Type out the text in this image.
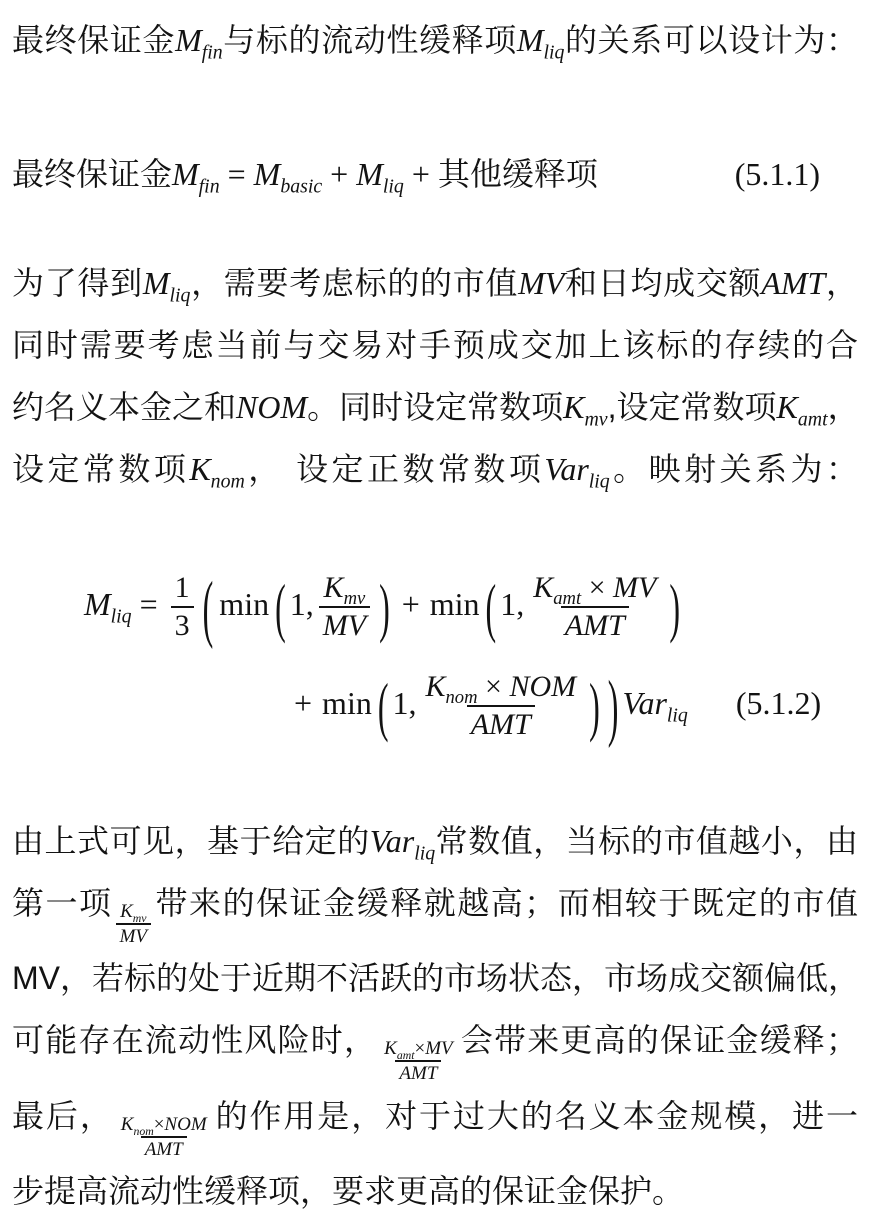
最终保证金$M_{fin}$与标的流动性缓释项$M_{liq}$的关系可以设计为：
最终保证金$M_{fin} = M_{basic} + M_{liq}$ + 其他缓释项	(5.1.1)
为了得到$M_{liq}$，需要考虑标的的市值MV和日均成交额AMT，
同时需要考虑当前与交易对手预成交加上该标的存续的合
约名义本金之和NOM。同时设定常数项$K_{mv}$,设定常数项$K_{amt}$，
设定常数项$K_{nom}$， 设定正数常数项Var$_{liq}$。映射关系为：
$M_{liq} = \frac{1}{3}$ ( min ( 1, $\frac{K_{mv}}{MV}$ ) + min ( 1, $\frac{K_{amt} \times MV}{\text{AMT}}$ )
+ min ( 1, $\frac{K_{nom} \times NOM}{\text{AMT}}$ ) ) Var$_{liq}$ (5.1.2)
由上式可见，基于给定的Var$_{liq}$常数值，当标的市值越小，由
第一项 $\frac{K_{mv}}{MV}$ 带来的保证金缓释就越高；而相较于既定的市值
MV，若标的处于近期不活跃的市场状态，市场成交额偏低，
可能存在流动性风险时， $\frac{K_{amt}\times MV}{\text{AMT}}$ 会带来更高的保证金缓释；
最后， $\frac{K_{nom}\times NOM}{\text{AMT}}$ 的作用是，对于过大的名义本金规模，进一
步提高流动性缓释项，要求更高的保证金保护。
